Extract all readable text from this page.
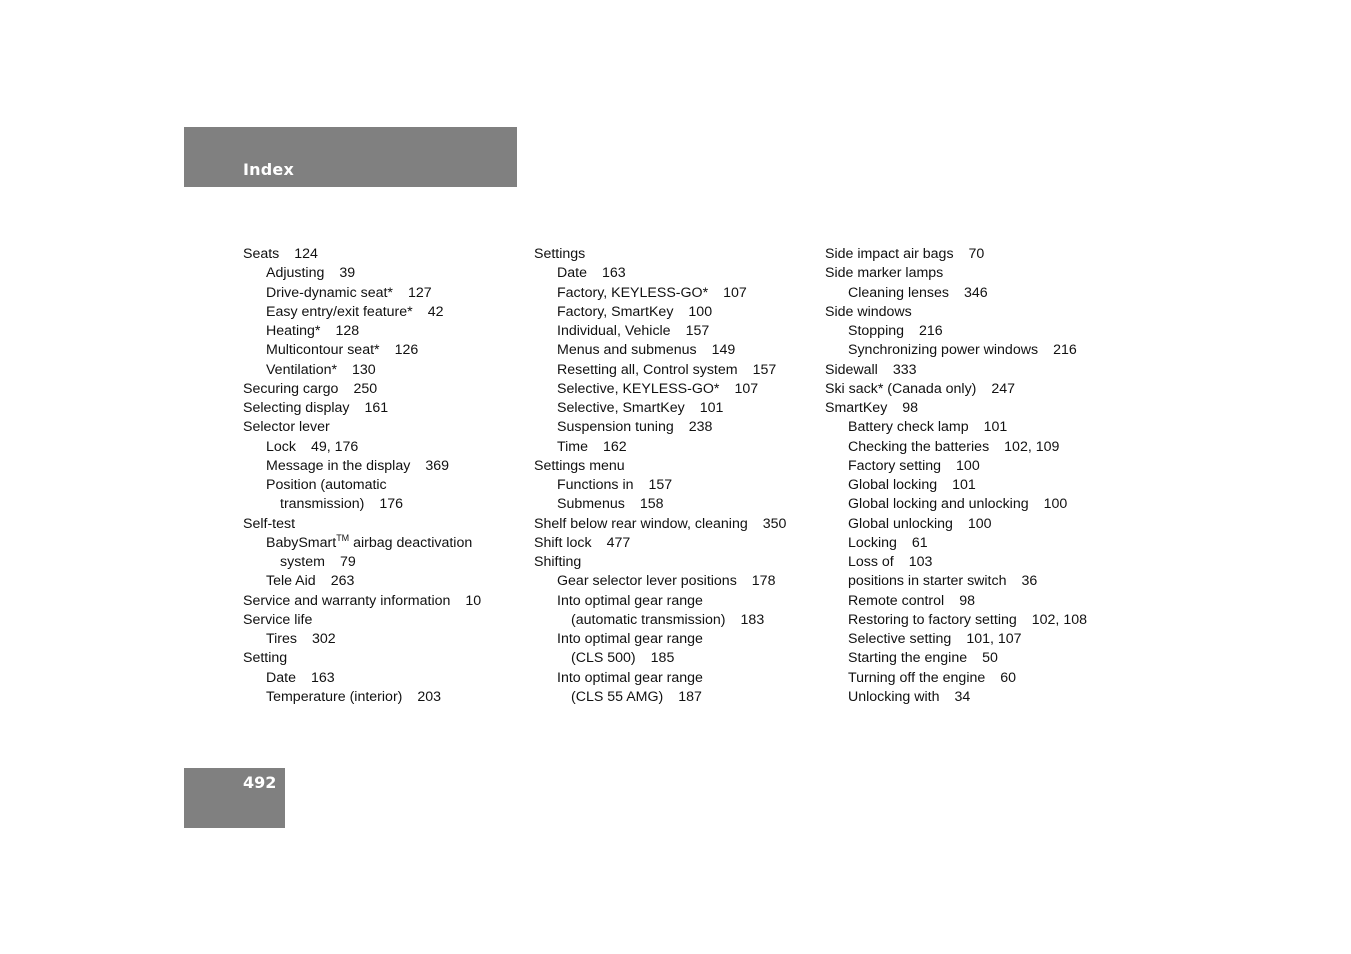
Index
Seats 124
Adjusting 39
Drive-dynamic seat* 127
Easy entry/exit feature* 42
Heating* 128
Multicontour seat* 126
Ventilation* 130
Securing cargo 250
Selecting display 161
Selector lever
Lock 49, 176
Message in the display 369
Position (automatic
transmission) 176
Self-test
BabySmart™ airbag deactivation
system 79
Tele Aid 263
Service and warranty information 10
Service life
Tires 302
Setting
Date 163
Temperature (interior) 203
Settings
Date 163
Factory, KEYLESS-GO* 107
Factory, SmartKey 100
Individual, Vehicle 157
Menus and submenus 149
Resetting all, Control system 157
Selective, KEYLESS-GO* 107
Selective, SmartKey 101
Suspension tuning 238
Time 162
Settings menu
Functions in 157
Submenus 158
Shelf below rear window, cleaning 350
Shift lock 477
Shifting
Gear selector lever positions 178
Into optimal gear range
(automatic transmission) 183
Into optimal gear range
(CLS 500) 185
Into optimal gear range
(CLS 55 AMG) 187
Side impact air bags 70
Side marker lamps
Cleaning lenses 346
Side windows
Stopping 216
Synchronizing power windows 216
Sidewall 333
Ski sack* (Canada only) 247
SmartKey 98
Battery check lamp 101
Checking the batteries 102, 109
Factory setting 100
Global locking 101
Global locking and unlocking 100
Global unlocking 100
Locking 61
Loss of 103
positions in starter switch 36
Remote control 98
Restoring to factory setting 102, 108
Selective setting 101, 107
Starting the engine 50
Turning off the engine 60
Unlocking with 34
492
